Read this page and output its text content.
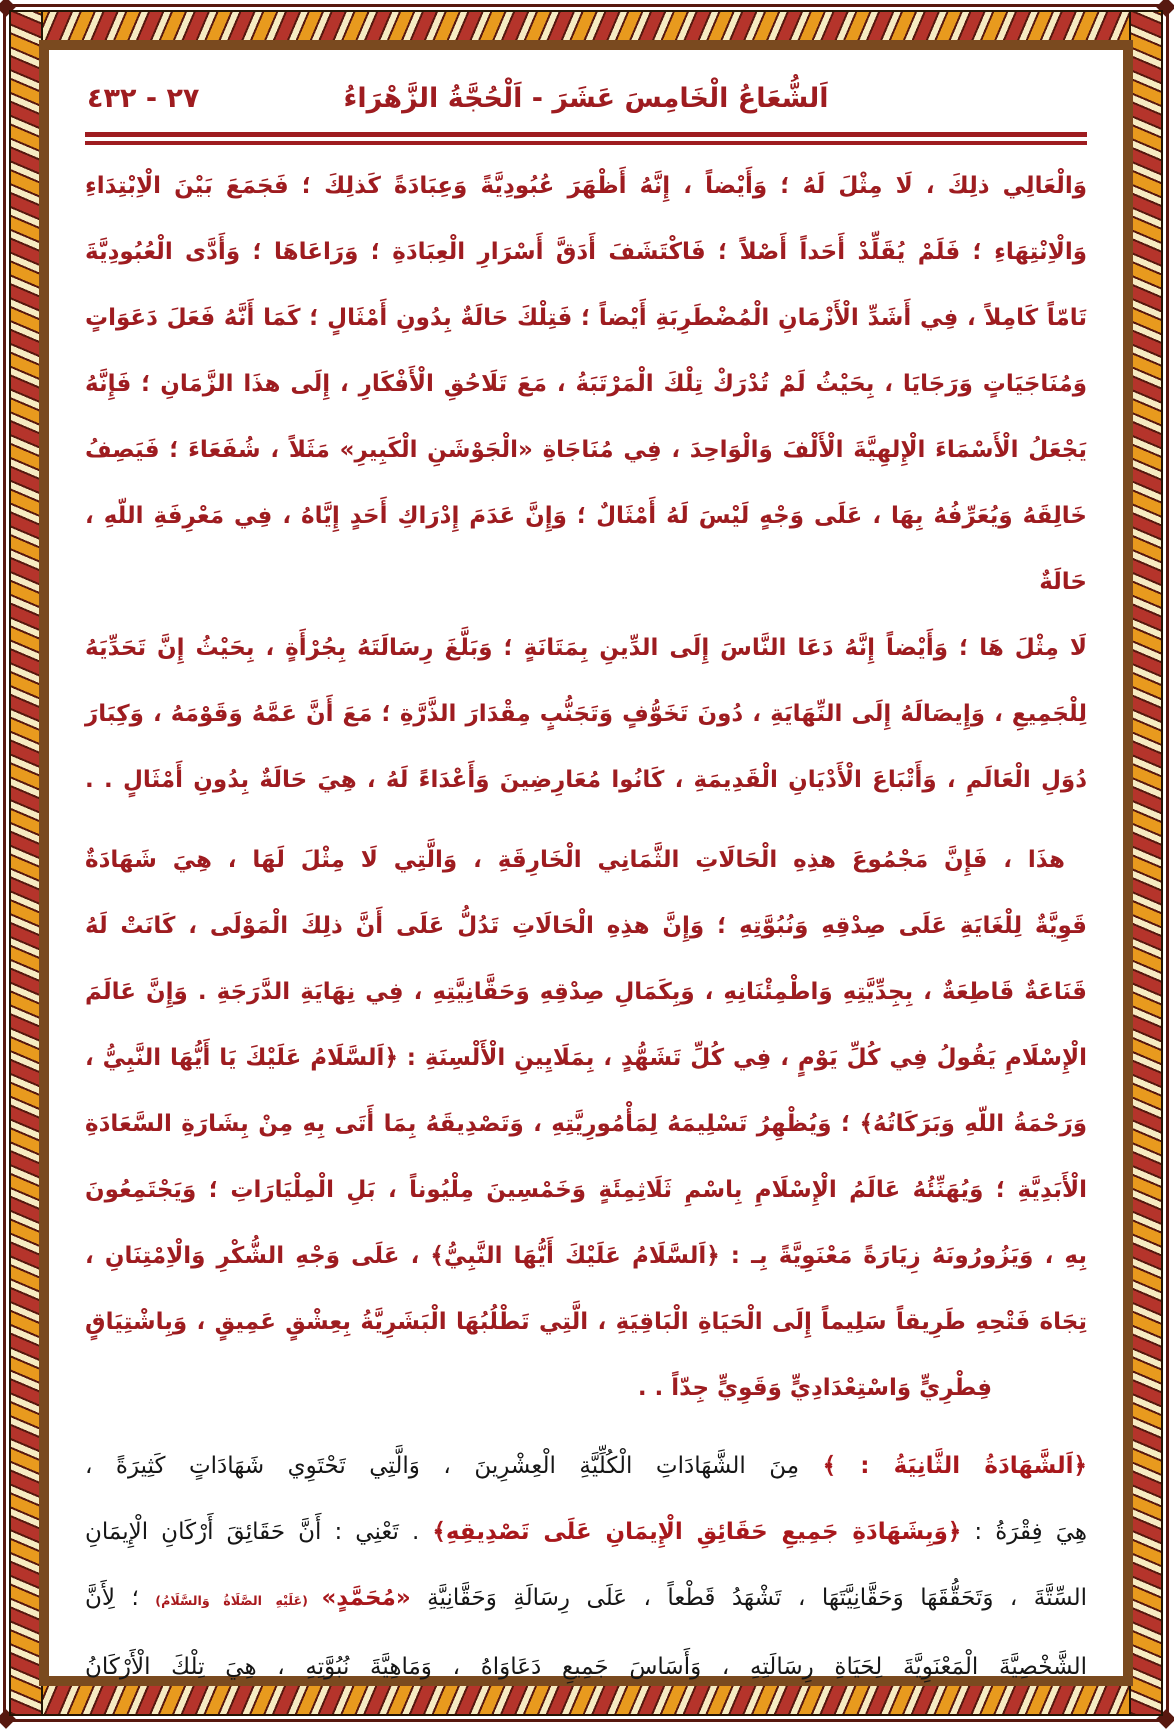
اَلشُّعَاعُ الْخَامِسَ عَشَرَ - اَلْحُجَّةُ الزَّهْرَاءُ
٤٣٢ - ٢٧
وَالْعَالِي ذلِكَ ، لَا مِثْلَ لَهُ ؛ وَأَيْضاً ، إِنَّهُ أَظْهَرَ عُبُودِيَّةً وَعِبَادَةً كَذلِكَ ؛ فَجَمَعَ بَيْنَ الْاِبْتِدَاءِ
وَالْاِنْتِهَاءِ ؛ فَلَمْ يُقَلِّدْ أَحَداً أَصْلاً ؛ فَاكْتَشَفَ أَدَقَّ أَسْرَارِ الْعِبَادَةِ ؛ وَرَاعَاهَا ؛ وَأَدَّى الْعُبُودِيَّةَ
تَامّاً كَامِلاً ، فِي أَشَدِّ الْأَزْمَانِ الْمُضْطَرِبَةِ أَيْضاً ؛ فَتِلْكَ حَالَةٌ بِدُونِ أَمْثَالٍ ؛ كَمَا أَنَّهُ فَعَلَ دَعَوَاتٍ
وَمُنَاجَيَاتٍ وَرَجَايَا ، بِحَيْثُ لَمْ تُدْرَكْ تِلْكَ الْمَرْتَبَةُ ، مَعَ تَلَاحُقِ الْأَفْكَارِ ، إِلَى هذَا الزَّمَانِ ؛ فَإِنَّهُ
يَجْعَلُ الْأَسْمَاءَ الْإِلهِيَّةَ الْأَلْفَ وَالْوَاحِدَ ، فِي مُنَاجَاةِ «الْجَوْشَنِ الْكَبِيرِ» مَثَلاً ، شُفَعَاءَ ؛ فَيَصِفُ
خَالِقَهُ وَيُعَرِّفُهُ بِهَا ، عَلَى وَجْهٍ لَيْسَ لَهُ أَمْثَالٌ ؛ وَإِنَّ عَدَمَ إِدْرَاكِ أَحَدٍ إِيَّاهُ ، فِي مَعْرِفَةِ اللّهِ ، حَالَةٌ
لَا مِثْلَ هَا ؛ وَأَيْضاً إِنَّهُ دَعَا النَّاسَ إِلَى الدِّينِ بِمَتَانَةٍ ؛ وَبَلَّغَ رِسَالَتَهُ بِجُرْأَةٍ ، بِحَيْثُ إِنَّ تَحَدِّيَهُ
لِلْجَمِيعِ ، وَإِيصَالَهُ إِلَى النِّهَايَةِ ، دُونَ تَخَوُّفٍ وَتَجَنُّبٍ مِقْدَارَ الذَّرَّةِ ؛ مَعَ أَنَّ عَمَّهُ وَقَوْمَهُ ، وَكِبَارَ
دُوَلِ الْعَالَمِ ، وَأَتْبَاعَ الْأَدْيَانِ الْقَدِيمَةِ ، كَانُوا مُعَارِضِينَ وَأَعْدَاءً لَهُ ، هِيَ حَالَةٌ بِدُونِ أَمْثَالٍ . .
هذَا ، فَإِنَّ مَجْمُوعَ هذِهِ الْحَالَاتِ الثَّمَانِي الْخَارِقَةِ ، وَالَّتِي لَا مِثْلَ لَهَا ، هِيَ شَهَادَةٌ
قَوِيَّةٌ لِلْغَايَةِ عَلَى صِدْقِهِ وَنُبُوَّتِهِ ؛ وَإِنَّ هذِهِ الْحَالَاتِ تَدُلُّ عَلَى أَنَّ ذلِكَ الْمَوْلَى ، كَانَتْ لَهُ
قَنَاعَةٌ قَاطِعَةٌ ، بِجِدِّيَّتِهِ وَاطْمِئْنَانِهِ ، وَبِكَمَالِ صِدْقِهِ وَحَقَّانِيَّتِهِ ، فِي نِهَايَةِ الدَّرَجَةِ . وَإِنَّ عَالَمَ
الْإِسْلَامِ يَقُولُ فِي كُلِّ يَوْمٍ ، فِي كُلِّ تَشَهُّدٍ ، بِمَلَايِينِ الْأَلْسِنَةِ : ﴿اَلسَّلَامُ عَلَيْكَ يَا أَيُّهَا النَّبِيُّ ،
وَرَحْمَةُ اللّهِ وَبَرَكَاتُهُ﴾ ؛ وَيُظْهِرُ تَسْلِيمَهُ لِمَأْمُورِيَّتِهِ ، وَتَصْدِيقَهُ بِمَا أَتَى بِهِ مِنْ بِشَارَةِ السَّعَادَةِ
الْأَبَدِيَّةِ ؛ وَيُهَنِّئُهُ عَالَمُ الْإِسْلَامِ بِاسْمِ ثَلَاثِمِئَةٍ وَخَمْسِينَ مِلْيُوناً ، بَلِ الْمِلْيَارَاتِ ؛ وَيَجْتَمِعُونَ
بِهِ ، وَيَزُورُونَهُ زِيَارَةً مَعْنَوِيَّةً بِـ : ﴿اَلسَّلَامُ عَلَيْكَ أَيُّهَا النَّبِيُّ﴾ ، عَلَى وَجْهِ الشُّكْرِ وَالْاِمْتِنَانِ ،
تِجَاهَ فَتْحِهِ طَرِيقاً سَلِيماً إِلَى الْحَيَاةِ الْبَاقِيَةِ ، الَّتِي تَطْلُبُهَا الْبَشَرِيَّةُ بِعِشْقٍ عَمِيقٍ ، وَبِاشْتِيَاقٍ
فِطْرِيٍّ وَاسْتِعْدَادِيٍّ وَقَوِيٍّ جِدّاً . .
﴿اَلشَّهَادَةُ الثَّانِيَةُ : ﴾ مِنَ الشَّهَادَاتِ الْكُلِّيَّةِ الْعِشْرِينَ ، وَالَّتِي تَحْتَوِي شَهَادَاتٍ كَثِيرَةً ،
هِيَ فِقْرَةُ : ﴿وَبِشَهَادَةِ جَمِيعِ حَقَائِقِ الْإِيمَانِ عَلَى تَصْدِيقِهِ﴾ . تَعْنِي : أَنَّ حَقَائِقَ أَرْكَانِ الْإِيمَانِ
السِّتَّةَ ، وَتَحَقُّقَهَا وَحَقَّانِيَّتَهَا ، تَشْهَدُ قَطْعاً ، عَلَى رِسَالَةِ وَحَقَّانِيَّةِ «مُحَمَّدٍ» (عَلَيْهِ الصَّلَاةُ وَالسَّلَامُ) ؛ لِأَنَّ
الشَّخْصِيَّةَ الْمَعْنَوِيَّةَ لِحَيَاةِ رِسَالَتِهِ ، وَأَسَاسَ جَمِيعِ دَعَاوَاهُ ، وَمَاهِيَّةَ نُبُوَّتِهِ ، هِيَ تِلْكَ الْأَرْكَانُ
